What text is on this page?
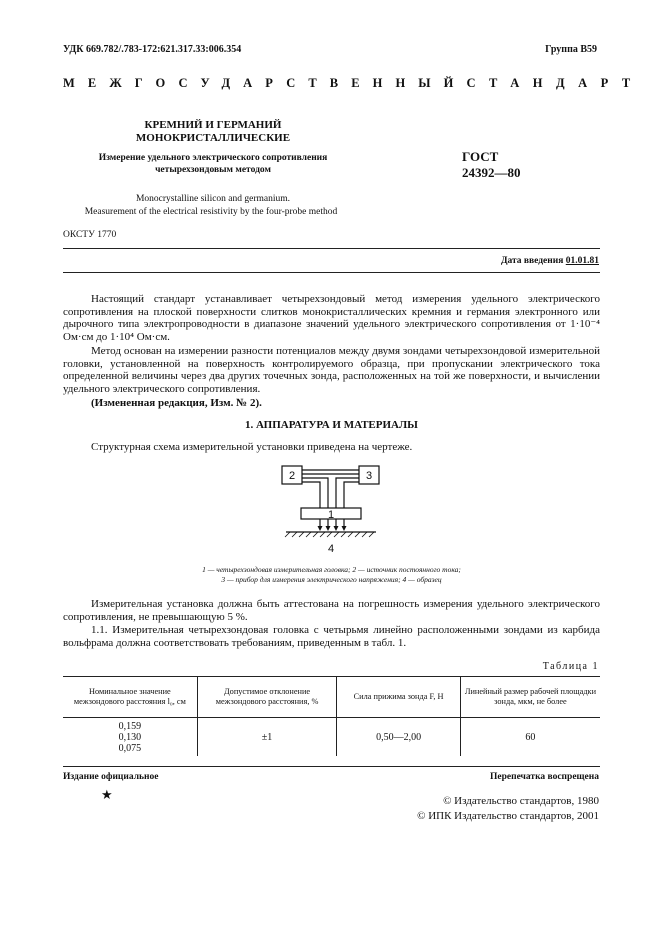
УДК 669.782/.783-172:621.317.33:006.354	Группа В59
МЕЖГОСУДАРСТВЕННЫЙ СТАНДАРТ
КРЕМНИЙ И ГЕРМАНИЙ
МОНОКРИСТАЛЛИЧЕСКИЕ
Измерение удельного электрического сопротивления
четырехзондовым методом
ГОСТ
24392—80
Monocrystalline silicon and germanium.
Measurement of the electrical resistivity by the four-probe method
ОКСТУ 1770
Дата введения 01.01.81
Настоящий стандарт устанавливает четырехзондовый метод измерения удельного электрического сопротивления на плоской поверхности слитков монокристаллических кремния и германия электронного или дырочного типа электропроводности в диапазоне значений удельного электрического сопротивления от 1·10⁻⁴ Ом·см до 1·10⁴ Ом·см.
Метод основан на измерении разности потенциалов между двумя зондами четырехзондовой измерительной головки, установленной на поверхность контролируемого образца, при пропускании электрического тока определенной величины через два других точечных зонда, расположенных на той же поверхности, и вычислении удельного электрического сопротивления.
(Измененная редакция, Изм. № 2).
1. АППАРАТУРА И МАТЕРИАЛЫ
Структурная схема измерительной установки приведена на чертеже.
2	3
1
4
1 — четырехзондовая измерительная головка; 2 — источник постоянного тока;
3 — прибор для измерения электрического напряжения; 4 — образец
Измерительная установка должна быть аттестована на погрешность измерения удельного электрического сопротивления, не превышающую 5 %.
1.1. Измерительная четырехзондовая головка с четырьмя линейно расположенными зондами из карбида вольфрама должна соответствовать требованиям, приведенным в табл. 1.
Таблица 1
Номинальное значение межзондового расстояния l₀, см	Допустимое отклонение межзондового расстояния, %	Сила прижима зонда F, Н	Линейный размер рабочей площадки зонда, мкм, не более

0,159
0,130
0,075	±1	0,50—2,00	60
Издание официальное
★
Перепечатка воспрещена
© Издательство стандартов, 1980
© ИПК Издательство стандартов, 2001
